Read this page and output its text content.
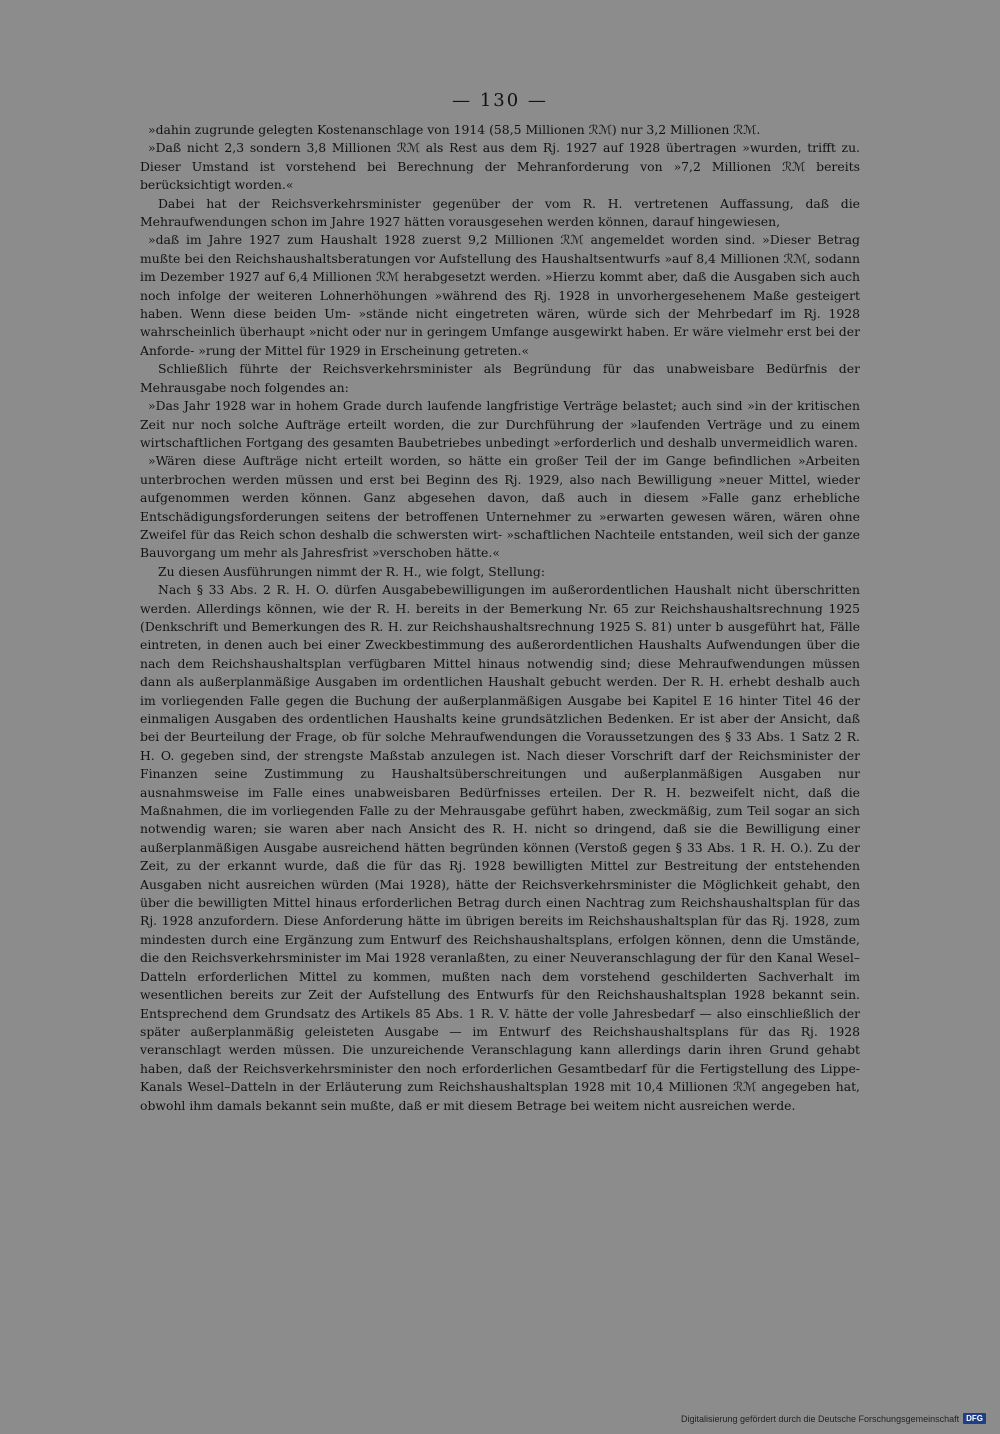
— 130 —

»dahin zugrunde gelegten Kostenanschlage von 1914 (58,5 Millionen ℛℳ) nur 3,2 Millionen ℛℳ.

»Daß nicht 2,3 sondern 3,8 Millionen ℛℳ als Rest aus dem Rj. 1927 auf 1928 übertragen »wurden, trifft zu. Dieser Umstand ist vorstehend bei Berechnung der Mehranforderung von »7,2 Millionen ℛℳ bereits berücksichtigt worden.«

Dabei hat der Reichsverkehrsminister gegenüber der vom R. H. vertretenen Auffassung, daß die Mehraufwendungen schon im Jahre 1927 hätten vorausgesehen werden können, darauf hingewiesen,

»daß im Jahre 1927 zum Haushalt 1928 zuerst 9,2 Millionen ℛℳ angemeldet worden sind. »Dieser Betrag mußte bei den Reichshaushaltsberatungen vor Aufstellung des Haushaltsentwurfs »auf 8,4 Millionen ℛℳ, sodann im Dezember 1927 auf 6,4 Millionen ℛℳ herabgesetzt werden. »Hierzu kommt aber, daß die Ausgaben sich auch noch infolge der weiteren Lohnerhöhungen »während des Rj. 1928 in unvorhergesehenem Maße gesteigert haben. Wenn diese beiden Um- »stände nicht eingetreten wären, würde sich der Mehrbedarf im Rj. 1928 wahrscheinlich überhaupt »nicht oder nur in geringem Umfange ausgewirkt haben. Er wäre vielmehr erst bei der Anforde- »rung der Mittel für 1929 in Erscheinung getreten.«

Schließlich führte der Reichsverkehrsminister als Begründung für das unabweisbare Bedürfnis der Mehrausgabe noch folgendes an:

»Das Jahr 1928 war in hohem Grade durch laufende langfristige Verträge belastet; auch sind »in der kritischen Zeit nur noch solche Aufträge erteilt worden, die zur Durchführung der »laufenden Verträge und zu einem wirtschaftlichen Fortgang des gesamten Baubetriebes unbedingt »erforderlich und deshalb unvermeidlich waren.

»Wären diese Aufträge nicht erteilt worden, so hätte ein großer Teil der im Gange befindlichen »Arbeiten unterbrochen werden müssen und erst bei Beginn des Rj. 1929, also nach Bewilligung »neuer Mittel, wieder aufgenommen werden können. Ganz abgesehen davon, daß auch in diesem »Falle ganz erhebliche Entschädigungsforderungen seitens der betroffenen Unternehmer zu »erwarten gewesen wären, wären ohne Zweifel für das Reich schon deshalb die schwersten wirt- »schaftlichen Nachteile entstanden, weil sich der ganze Bauvorgang um mehr als Jahresfrist »verschoben hätte.«

Zu diesen Ausführungen nimmt der R. H., wie folgt, Stellung:

Nach § 33 Abs. 2 R. H. O. dürfen Ausgabebewilligungen im außerordentlichen Haushalt nicht überschritten werden. Allerdings können, wie der R. H. bereits in der Bemerkung Nr. 65 zur Reichshaushaltsrechnung 1925 (Denkschrift und Bemerkungen des R. H. zur Reichshaushaltsrechnung 1925 S. 81) unter b ausgeführt hat, Fälle eintreten, in denen auch bei einer Zweckbestimmung des außerordentlichen Haushalts Aufwendungen über die nach dem Reichshaushaltsplan verfügbaren Mittel hinaus notwendig sind; diese Mehraufwendungen müssen dann als außerplanmäßige Ausgaben im ordentlichen Haushalt gebucht werden. Der R. H. erhebt deshalb auch im vorliegenden Falle gegen die Buchung der außerplanmäßigen Ausgabe bei Kapitel E 16 hinter Titel 46 der einmaligen Ausgaben des ordentlichen Haushalts keine grundsätzlichen Bedenken. Er ist aber der Ansicht, daß bei der Beurteilung der Frage, ob für solche Mehraufwendungen die Voraussetzungen des § 33 Abs. 1 Satz 2 R. H. O. gegeben sind, der strengste Maßstab anzulegen ist. Nach dieser Vorschrift darf der Reichsminister der Finanzen seine Zustimmung zu Haushaltsüberschreitungen und außerplanmäßigen Ausgaben nur ausnahmsweise im Falle eines unabweisbaren Bedürfnisses erteilen. Der R. H. bezweifelt nicht, daß die Maßnahmen, die im vorliegenden Falle zu der Mehrausgabe geführt haben, zweckmäßig, zum Teil sogar an sich notwendig waren; sie waren aber nach Ansicht des R. H. nicht so dringend, daß sie die Bewilligung einer außerplanmäßigen Ausgabe ausreichend hätten begründen können (Verstoß gegen § 33 Abs. 1 R. H. O.). Zu der Zeit, zu der erkannt wurde, daß die für das Rj. 1928 bewilligten Mittel zur Bestreitung der entstehenden Ausgaben nicht ausreichen würden (Mai 1928), hätte der Reichsverkehrsminister die Möglichkeit gehabt, den über die bewilligten Mittel hinaus erforderlichen Betrag durch einen Nachtrag zum Reichshaushaltsplan für das Rj. 1928 anzufordern. Diese Anforderung hätte im übrigen bereits im Reichshaushaltsplan für das Rj. 1928, zum mindesten durch eine Ergänzung zum Entwurf des Reichshaushaltsplans, erfolgen können, denn die Umstände, die den Reichsverkehrsminister im Mai 1928 veranlaßten, zu einer Neuveranschlagung der für den Kanal Wesel–Datteln erforderlichen Mittel zu kommen, mußten nach dem vorstehend geschilderten Sachverhalt im wesentlichen bereits zur Zeit der Aufstellung des Entwurfs für den Reichshaushaltsplan 1928 bekannt sein. Entsprechend dem Grundsatz des Artikels 85 Abs. 1 R. V. hätte der volle Jahresbedarf — also einschließlich der später außerplanmäßig geleisteten Ausgabe — im Entwurf des Reichshaushaltsplans für das Rj. 1928 veranschlagt werden müssen. Die unzureichende Veranschlagung kann allerdings darin ihren Grund gehabt haben, daß der Reichsverkehrsminister den noch erforderlichen Gesamtbedarf für die Fertigstellung des Lippe-Kanals Wesel–Datteln in der Erläuterung zum Reichshaushaltsplan 1928 mit 10,4 Millionen ℛℳ angegeben hat, obwohl ihm damals bekannt sein mußte, daß er mit diesem Betrage bei weitem nicht ausreichen werde.

Digitalisierung gefördert durch die Deutsche Forschungsgemeinschaft DFG
